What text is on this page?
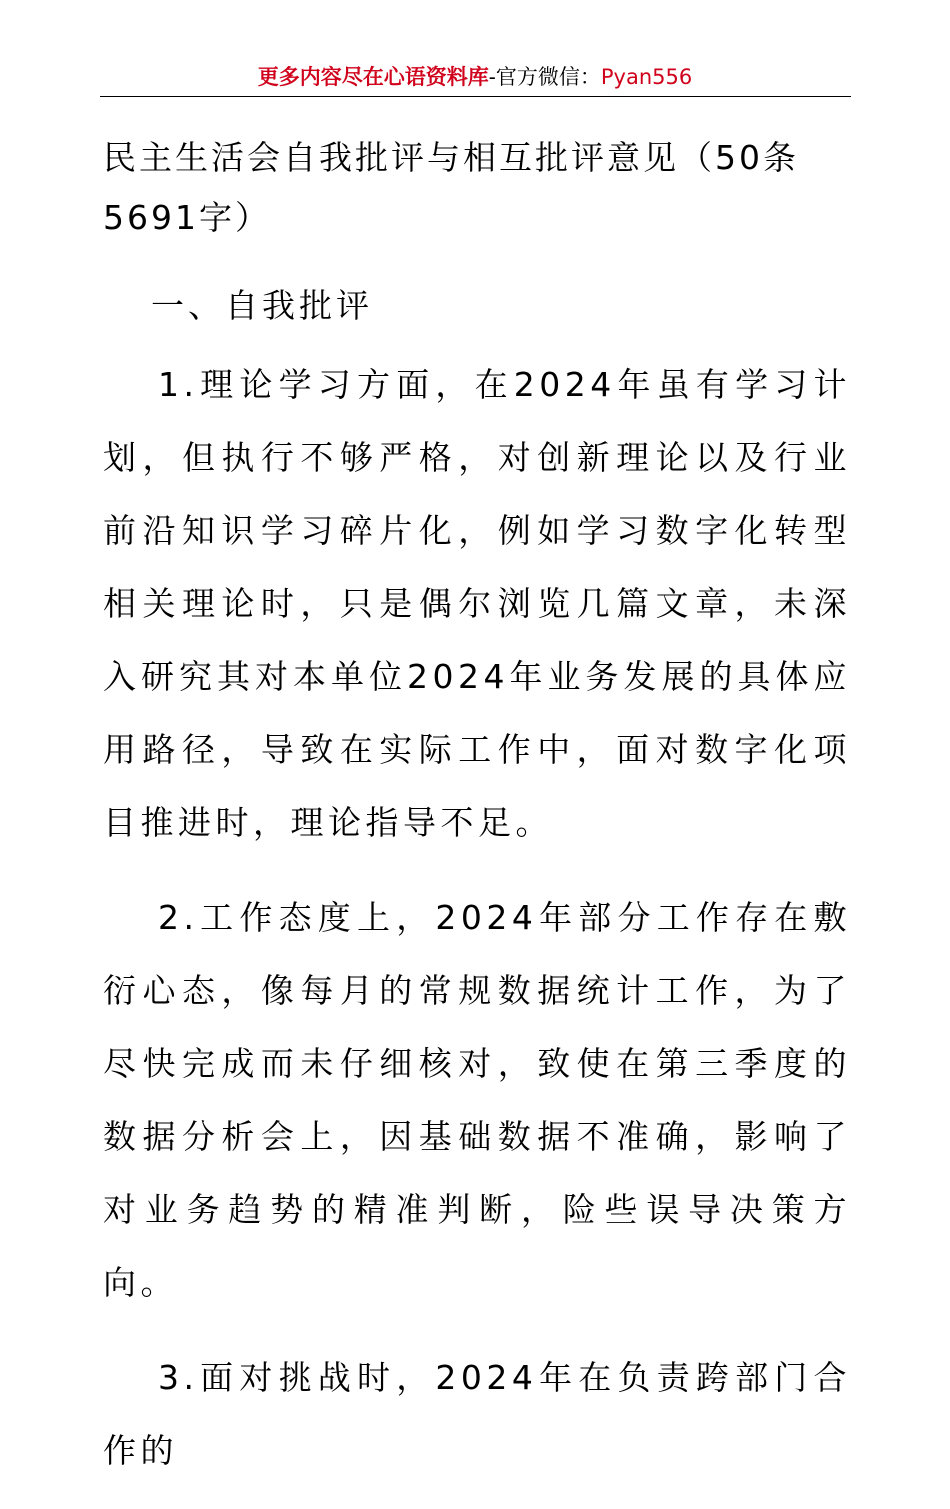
更多内容尽在心语资料库-官方微信：Pyan556

民主生活会自我批评与相互批评意见（50条5691字）

一、自我批评

1.理论学习方面，在2024年虽有学习计划，但执行不够严格，对创新理论以及行业前沿知识学习碎片化，例如学习数字化转型相关理论时，只是偶尔浏览几篇文章，未深入研究其对本单位2024年业务发展的具体应用路径，导致在实际工作中，面对数字化项目推进时，理论指导不足。

2.工作态度上，2024年部分工作存在敷衍心态，像每月的常规数据统计工作，为了尽快完成而未仔细核对，致使在第三季度的数据分析会上，因基础数据不准确，影响了对业务趋势的精准判断，险些误导决策方向。

3.面对挑战时，2024年在负责跨部门合作的
